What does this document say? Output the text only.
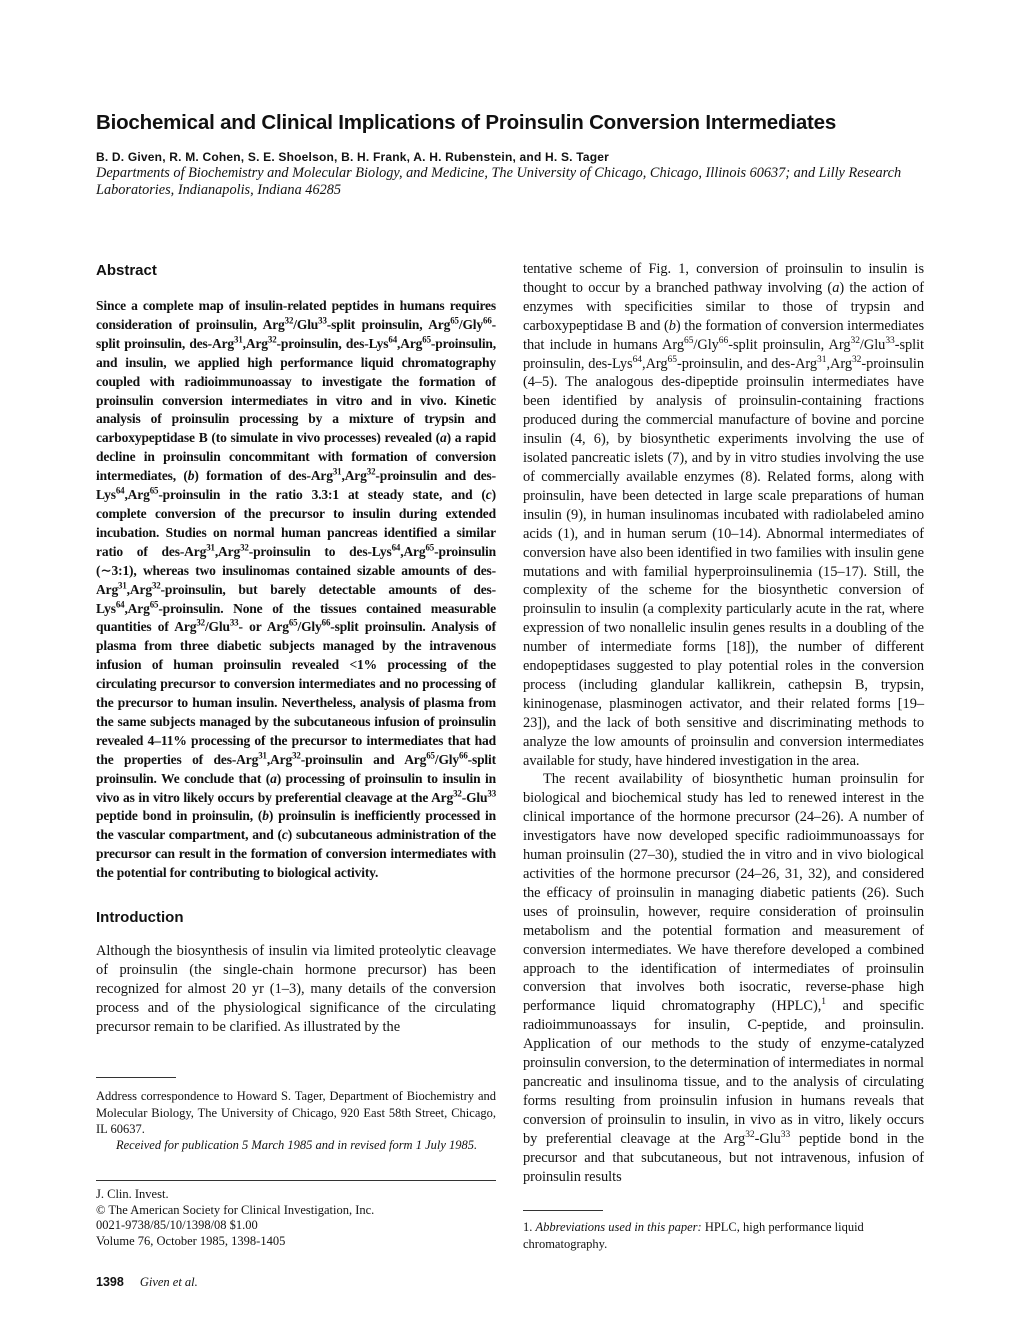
Biochemical and Clinical Implications of Proinsulin Conversion Intermediates
B. D. Given, R. M. Cohen, S. E. Shoelson, B. H. Frank, A. H. Rubenstein, and H. S. Tager
Departments of Biochemistry and Molecular Biology, and Medicine, The University of Chicago, Chicago, Illinois 60637; and Lilly Research Laboratories, Indianapolis, Indiana 46285
Abstract

Since a complete map of insulin-related peptides in humans requires consideration of proinsulin, Arg$^{32}$/Glu$^{33}$-split proinsulin, Arg$^{65}$/Gly$^{66}$-split proinsulin, des-Arg$^{31}$,Arg$^{32}$-proinsulin, des-Lys$^{64}$,Arg$^{65}$-proinsulin, and insulin, we applied high performance liquid chromatography coupled with radioimmunoassay to investigate the formation of proinsulin conversion intermediates in vitro and in vivo. Kinetic analysis of proinsulin processing by a mixture of trypsin and carboxypeptidase B (to simulate in vivo processes) revealed (a) a rapid decline in proinsulin concommitant with formation of conversion intermediates, (b) formation of des-Arg$^{31}$,Arg$^{32}$-proinsulin and des-Lys$^{64}$,Arg$^{65}$-proinsulin in the ratio 3.3:1 at steady state, and (c) complete conversion of the precursor to insulin during extended incubation. Studies on normal human pancreas identified a similar ratio of des-Arg$^{31}$,Arg$^{32}$-proinsulin to des-Lys$^{64}$,Arg$^{65}$-proinsulin (∼3:1), whereas two insulinomas contained sizable amounts of des-Arg$^{31}$,Arg$^{32}$-proinsulin, but barely detectable amounts of des-Lys$^{64}$,Arg$^{65}$-proinsulin. None of the tissues contained measurable quantities of Arg$^{32}$/Glu$^{33}$- or Arg$^{65}$/Gly$^{66}$-split proinsulin. Analysis of plasma from three diabetic subjects managed by the intravenous infusion of human proinsulin revealed <1% processing of the circulating precursor to conversion intermediates and no processing of the precursor to human insulin. Nevertheless, analysis of plasma from the same subjects managed by the subcutaneous infusion of proinsulin revealed 4–11% processing of the precursor to intermediates that had the properties of des-Arg$^{31}$,Arg$^{32}$-proinsulin and Arg$^{65}$/Gly$^{66}$-split proinsulin. We conclude that (a) processing of proinsulin to insulin in vivo as in vitro likely occurs by preferential cleavage at the Arg$^{32}$-Glu$^{33}$ peptide bond in proinsulin, (b) proinsulin is inefficiently processed in the vascular compartment, and (c) subcutaneous administration of the precursor can result in the formation of conversion intermediates with the potential for contributing to biological activity.

Introduction

Although the biosynthesis of insulin via limited proteolytic cleavage of proinsulin (the single-chain hormone precursor) has been recognized for almost 20 yr (1–3), many details of the conversion process and of the physiological significance of the circulating precursor remain to be clarified. As illustrated by the

tentative scheme of Fig. 1, conversion of proinsulin to insulin is thought to occur by a branched pathway involving (a) the action of enzymes with specificities similar to those of trypsin and carboxypeptidase B and (b) the formation of conversion intermediates that include in humans Arg$^{65}$/Gly$^{66}$-split proinsulin, Arg$^{32}$/Glu$^{33}$-split proinsulin, des-Lys$^{64}$,Arg$^{65}$-proinsulin, and des-Arg$^{31}$,Arg$^{32}$-proinsulin (4–5). The analogous des-dipeptide proinsulin intermediates have been identified by analysis of proinsulin-containing fractions produced during the commercial manufacture of bovine and porcine insulin (4, 6), by biosynthetic experiments involving the use of isolated pancreatic islets (7), and by in vitro studies involving the use of commercially available enzymes (8). Related forms, along with proinsulin, have been detected in large scale preparations of human insulin (9), in human insulinomas incubated with radiolabeled amino acids (1), and in human serum (10–14). Abnormal intermediates of conversion have also been identified in two families with insulin gene mutations and with familial hyperproinsulinemia (15–17). Still, the complexity of the scheme for the biosynthetic conversion of proinsulin to insulin (a complexity particularly acute in the rat, where expression of two nonallelic insulin genes results in a doubling of the number of intermediate forms [18]), the number of different endopeptidases suggested to play potential roles in the conversion process (including glandular kallikrein, cathepsin B, trypsin, kininogenase, plasminogen activator, and their related forms [19–23]), and the lack of both sensitive and discriminating methods to analyze the low amounts of proinsulin and conversion intermediates available for study, have hindered investigation in the area.

The recent availability of biosynthetic human proinsulin for biological and biochemical study has led to renewed interest in the clinical importance of the hormone precursor (24–26). A number of investigators have now developed specific radioimmunoassays for human proinsulin (27–30), studied the in vitro and in vivo biological activities of the hormone precursor (24–26, 31, 32), and considered the efficacy of proinsulin in managing diabetic patients (26). Such uses of proinsulin, however, require consideration of proinsulin metabolism and the potential formation and measurement of conversion intermediates. We have therefore developed a combined approach to the identification of intermediates of proinsulin conversion that involves both isocratic, reverse-phase high performance liquid chromatography (HPLC),$^1$ and specific radioimmunoassays for insulin, C-peptide, and proinsulin. Application of our methods to the study of enzyme-catalyzed proinsulin conversion, to the determination of intermediates in normal pancreatic and insulinoma tissue, and to the analysis of circulating forms resulting from proinsulin infusion in humans reveals that conversion of proinsulin to insulin, in vivo as in vitro, likely occurs by preferential cleavage at the Arg$^{32}$-Glu$^{33}$ peptide bond in the precursor and that subcutaneous, but not intravenous, infusion of proinsulin results

Address correspondence to Howard S. Tager, Department of Biochemistry and Molecular Biology, The University of Chicago, 920 East 58th Street, Chicago, IL 60637.
Received for publication 5 March 1985 and in revised form 1 July 1985.
J. Clin. Invest.
© The American Society for Clinical Investigation, Inc.
0021-9738/85/10/1398/08 $1.00
Volume 76, October 1985, 1398-1405
1. Abbreviations used in this paper: HPLC, high performance liquid chromatography.
1398 Given et al.
